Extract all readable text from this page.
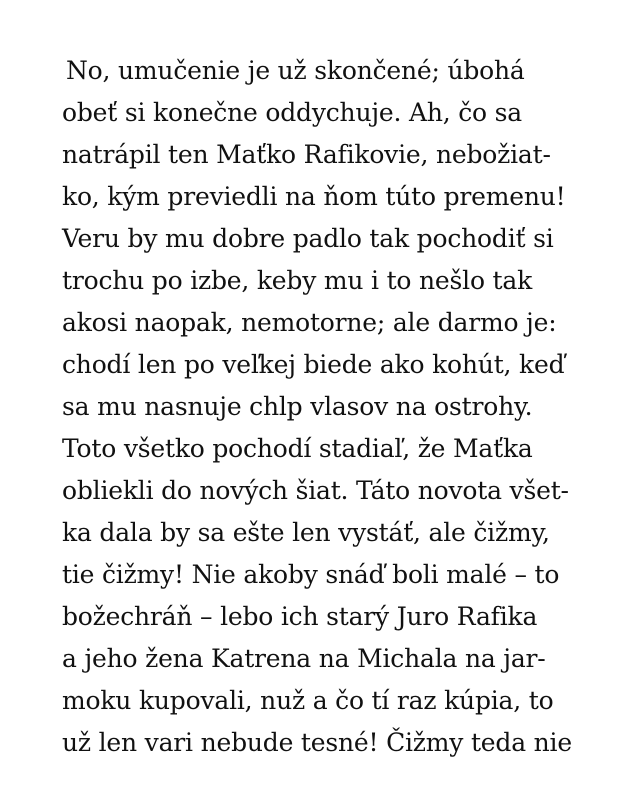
No, umučenie je už skončené; úbohá
obeť si konečne oddychuje. Ah, čo sa
natrápil ten Maťko Rafikovie, nebožiat-
ko, kým previedli na ňom túto premenu!
Veru by mu dobre padlo tak pochodiť si
trochu po izbe, keby mu i to nešlo tak
akosi naopak, nemotorne; ale darmo je:
chodí len po veľkej biede ako kohút, keď
sa mu nasnuje chlp vlasov na ostrohy.
Toto všetko pochodí stadiaľ, že Maťka
obliekli do nových šiat. Táto novota všet-
ka dala by sa ešte len vystáť, ale čižmy,
tie čižmy! Nie akoby snáď boli malé – to
božechráň – lebo ich starý Juro Rafika
a jeho žena Katrena na Michala na jar-
moku kupovali, nuž a čo tí raz kúpia, to
už len vari nebude tesné! Čižmy teda nie
